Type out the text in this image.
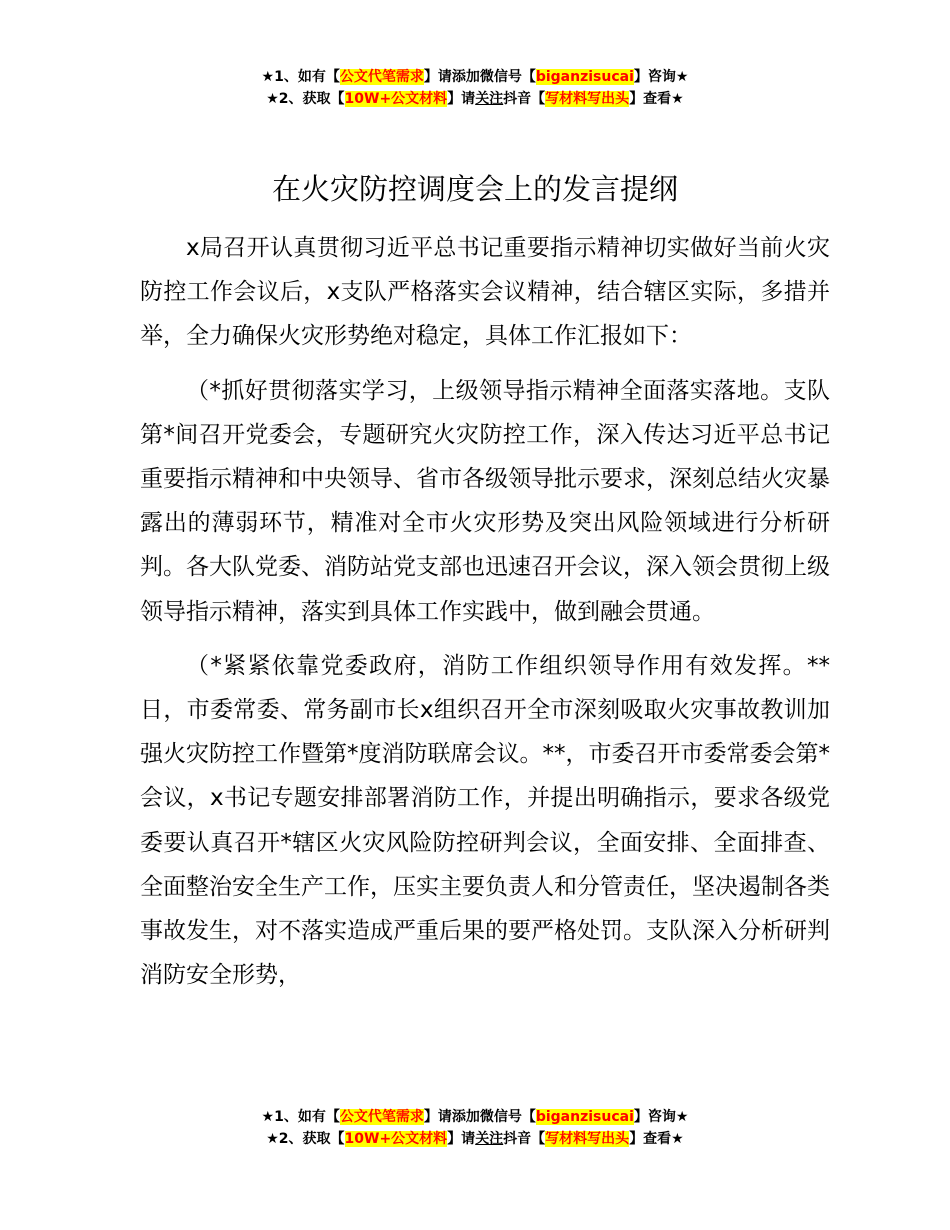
★1、如有【公文代笔需求】请添加微信号【biganzisucai】咨询★
★2、获取【10W+公文材料】请关注抖音【写材料写出头】查看★
在火灾防控调度会上的发言提纲

x局召开认真贯彻习近平总书记重要指示精神切实做好当前火灾防控工作会议后，x支队严格落实会议精神，结合辖区实际，多措并举，全力确保火灾形势绝对稳定，具体工作汇报如下：

（*抓好贯彻落实学习，上级领导指示精神全面落实落地。支队第*间召开党委会，专题研究火灾防控工作，深入传达习近平总书记重要指示精神和中央领导、省市各级领导批示要求，深刻总结火灾暴露出的薄弱环节，精准对全市火灾形势及突出风险领域进行分析研判。各大队党委、消防站党支部也迅速召开会议，深入领会贯彻上级领导指示精神，落实到具体工作实践中，做到融会贯通。

（*紧紧依靠党委政府，消防工作组织领导作用有效发挥。**日，市委常委、常务副市长x组织召开全市深刻吸取火灾事故教训加强火灾防控工作暨第*度消防联席会议。**，市委召开市委常委会第*会议，x书记专题安排部署消防工作，并提出明确指示，要求各级党委要认真召开*辖区火灾风险防控研判会议，全面安排、全面排查、全面整治安全生产工作，压实主要负责人和分管责任，坚决遏制各类事故发生，对不落实造成严重后果的要严格处罚。支队深入分析研判消防安全形势，

★1、如有【公文代笔需求】请添加微信号【biganzisucai】咨询★
★2、获取【10W+公文材料】请关注抖音【写材料写出头】查看★
